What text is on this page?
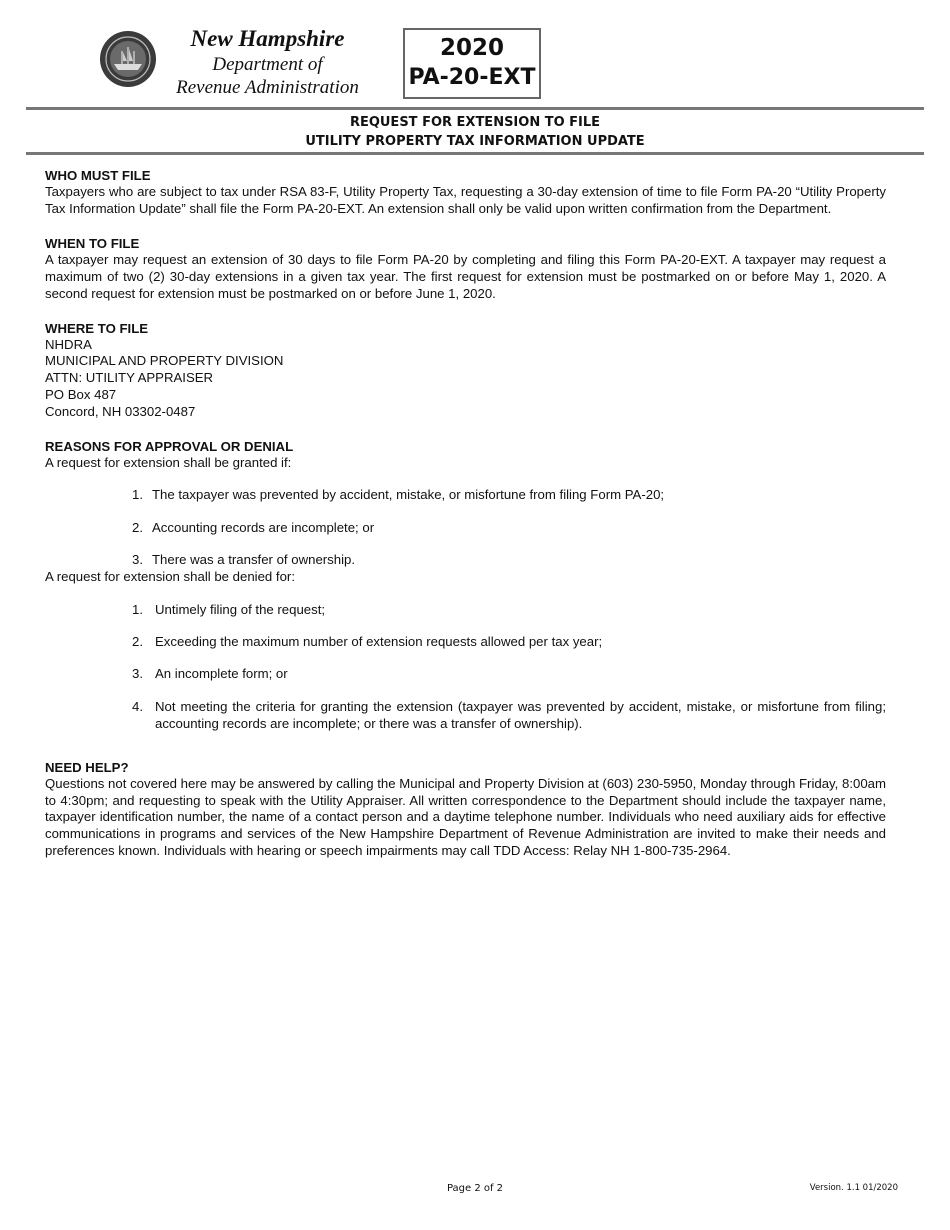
New Hampshire
Department of
Revenue Administration
2020
PA-20-EXT
REQUEST FOR EXTENSION TO FILE
UTILITY PROPERTY TAX INFORMATION UPDATE
WHO MUST FILE

Taxpayers who are subject to tax under RSA 83-F, Utility Property Tax, requesting a 30-day extension of time to file Form PA-20 “Utility Property Tax Information Update” shall file the Form PA-20-EXT. An extension shall only be valid upon written confirmation from the Department.

WHEN TO FILE

A taxpayer may request an extension of 30 days to file Form PA-20 by completing and filing this Form PA-20-EXT. A taxpayer may request a maximum of two (2) 30-day extensions in a given tax year. The first request for extension must be postmarked on or before May 1, 2020. A second request for extension must be postmarked on or before June 1, 2020.

WHERE TO FILE
NHDRA
MUNICIPAL AND PROPERTY DIVISION
ATTN: UTILITY APPRAISER
PO Box 487
Concord, NH 03302-0487
REASONS FOR APPROVAL OR DENIAL

A request for extension shall be granted if:

1. The taxpayer was prevented by accident, mistake, or misfortune from filing Form PA-20;
2. Accounting records are incomplete; or
3. There was a transfer of ownership.

A request for extension shall be denied for:

1. Untimely filing of the request;
2. Exceeding the maximum number of extension requests allowed per tax year;
3. An incomplete form; or
4. Not meeting the criteria for granting the extension (taxpayer was prevented by accident, mistake, or misfortune from filing; accounting records are incomplete; or there was a transfer of ownership).
NEED HELP?

Questions not covered here may be answered by calling the Municipal and Property Division at (603) 230-5950, Monday through Friday, 8:00am to 4:30pm; and requesting to speak with the Utility Appraiser. All written correspondence to the Department should include the taxpayer name, taxpayer identification number, the name of a contact person and a daytime telephone number. Individuals who need auxiliary aids for effective communications in programs and services of the New Hampshire Department of Revenue Administration are invited to make their needs and preferences known. Individuals with hearing or speech impairments may call TDD Access: Relay NH 1-800-735-2964.

Page 2 of 2	Version. 1.1 01/2020
